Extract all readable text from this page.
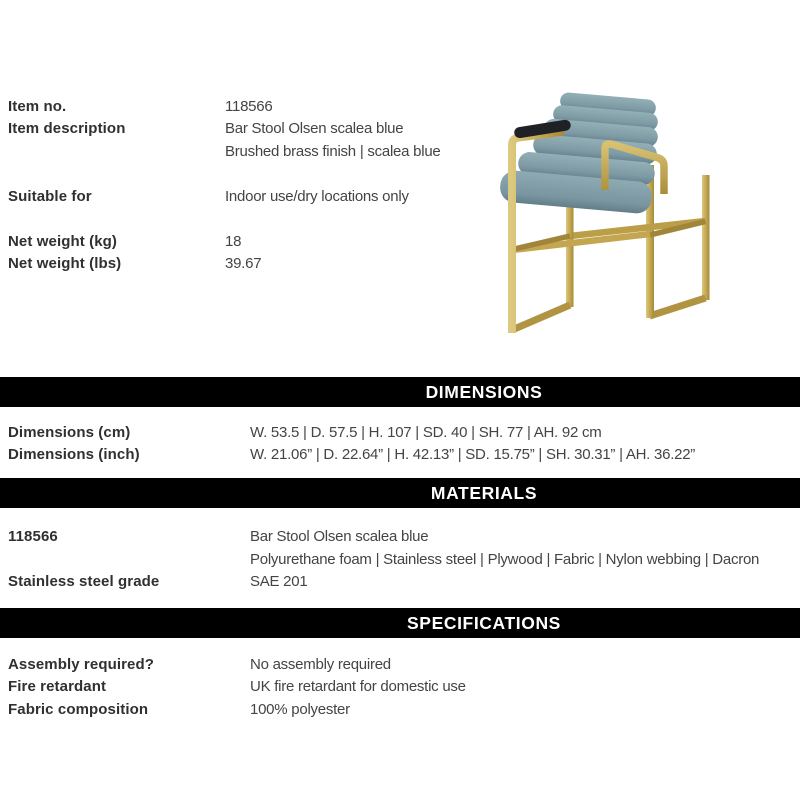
Item no.	118566
Item description	Bar Stool Olsen scalea blue
Brushed brass finish | scalea blue
Suitable for	Indoor use/dry locations only
Net weight (kg)	18
Net weight (lbs)	39.67
DIMENSIONS
Dimensions (cm)	W. 53.5 | D. 57.5 | H. 107 | SD. 40 | SH. 77 | AH. 92 cm
Dimensions (inch)	W. 21.06” | D. 22.64” | H. 42.13” | SD. 15.75” | SH. 30.31” | AH. 36.22”
MATERIALS
118566	Bar Stool Olsen scalea blue
Polyurethane foam | Stainless steel | Plywood | Fabric | Nylon webbing | Dacron
Stainless steel grade	SAE 201
SPECIFICATIONS
Assembly required?	No assembly required
Fire retardant	UK fire retardant for domestic use
Fabric composition	100% polyester
